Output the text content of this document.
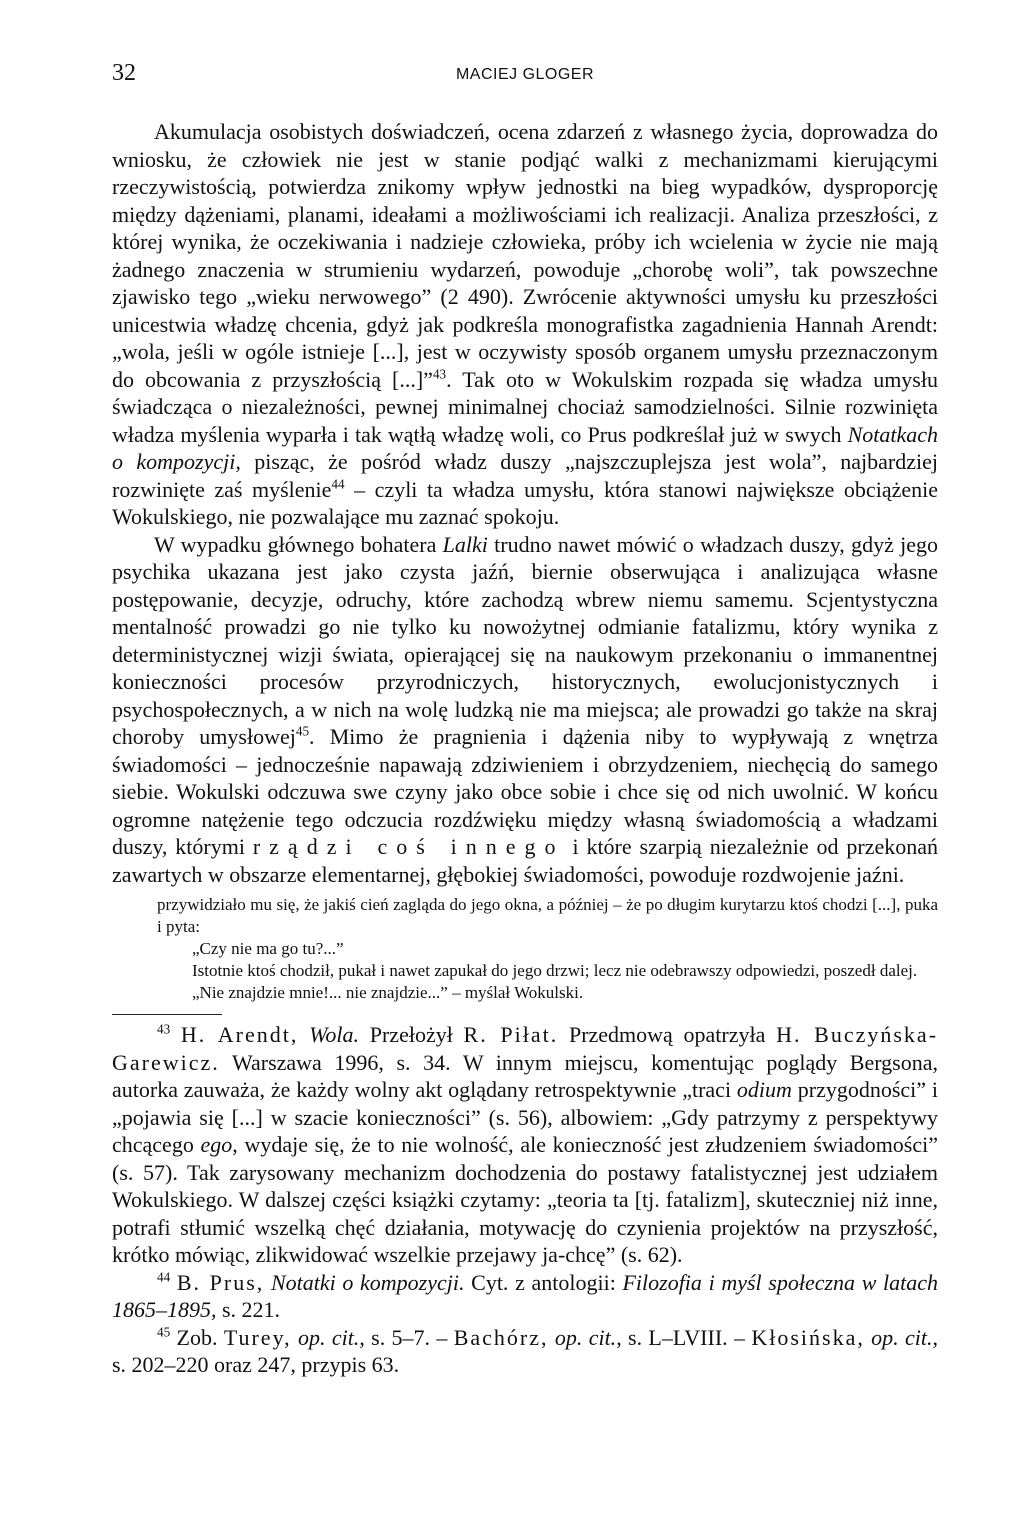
32	MACIEJ GLOGER

Akumulacja osobistych doświadczeń, ocena zdarzeń z własnego życia, doprowadza do wniosku, że człowiek nie jest w stanie podjąć walki z mechanizmami kierującymi rzeczywistością, potwierdza znikomy wpływ jednostki na bieg wypadków, dysproporcję między dążeniami, planami, ideałami a możliwościami ich realizacji. Analiza przeszłości, z której wynika, że oczekiwania i nadzieje człowieka, próby ich wcielenia w życie nie mają żadnego znaczenia w strumieniu wydarzeń, powoduje „chorobę woli”, tak powszechne zjawisko tego „wieku nerwowego” (2 490). Zwrócenie aktywności umysłu ku przeszłości unicestwia władzę chcenia, gdyż jak podkreśla monografistka zagadnienia Hannah Arendt: „wola, jeśli w ogóle istnieje [...], jest w oczywisty sposób organem umysłu przeznaczonym do obcowania z przyszłością [...]”$^{43}$. Tak oto w Wokulskim rozpada się władza umysłu świadcząca o niezależności, pewnej minimalnej chociaż samodzielności. Silnie rozwinięta władza myślenia wyparła i tak wątłą władzę woli, co Prus podkreślał już w swych Notatkach o kompozycji, pisząc, że pośród władz duszy „najszczuplejsza jest wola”, najbardziej rozwinięte zaś myślenie$^{44}$ – czyli ta władza umysłu, która stanowi największe obciążenie Wokulskiego, nie pozwalające mu zaznać spokoju.

W wypadku głównego bohatera Lalki trudno nawet mówić o władzach duszy, gdyż jego psychika ukazana jest jako czysta jaźń, biernie obserwująca i analizująca własne postępowanie, decyzje, odruchy, które zachodzą wbrew niemu samemu. Scjentystyczna mentalność prowadzi go nie tylko ku nowożytnej odmianie fatalizmu, który wynika z deterministycznej wizji świata, opierającej się na naukowym przekonaniu o immanentnej konieczności procesów przyrodniczych, historycznych, ewolucjonistycznych i psychospołecznych, a w nich na wolę ludzką nie ma miejsca; ale prowadzi go także na skraj choroby umysłowej$^{45}$. Mimo że pragnienia i dążenia niby to wypływają z wnętrza świadomości – jednocześnie napawają zdziwieniem i obrzydzeniem, niechęcią do samego siebie. Wokulski odczuwa swe czyny jako obce sobie i chce się od nich uwolnić. W końcu ogromne natężenie tego odczucia rozdźwięku między własną świadomością a władzami duszy, którymi rządzi coś innego i które szarpią niezależnie od przekonań zawartych w obszarze elementarnej, głębokiej świadomości, powoduje rozdwojenie jaźni.

przywidziało mu się, że jakiś cień zagląda do jego okna, a później – że po długim kurytarzu ktoś chodzi [...], puka i pyta:
„Czy nie ma go tu?...”
Istotnie ktoś chodził, pukał i nawet zapukał do jego drzwi; lecz nie odebrawszy odpowiedzi, poszedł dalej.
„Nie znajdzie mnie!... nie znajdzie...” – myślał Wokulski.

$^{43}$ H. Arendt, Wola. Przełożył R. Piłat. Przedmową opatrzyła H. Buczyńska-Garewicz. Warszawa 1996, s. 34. W innym miejscu, komentując poglądy Bergsona, autorka zauważa, że każdy wolny akt oglądany retrospektywnie „traci odium przygodności” i „pojawia się [...] w szacie konieczności” (s. 56), albowiem: „Gdy patrzymy z perspektywy chcącego ego, wydaje się, że to nie wolność, ale konieczność jest złudzeniem świadomości” (s. 57). Tak zarysowany mechanizm dochodzenia do postawy fatalistycznej jest udziałem Wokulskiego. W dalszej części książki czytamy: „teoria ta [tj. fatalizm], skuteczniej niż inne, potrafi stłumić wszelką chęć działania, motywację do czynienia projektów na przyszłość, krótko mówiąc, zlikwidować wszelkie przejawy ja-chcę” (s. 62).

$^{44}$ B. Prus, Notatki o kompozycji. Cyt. z antologii: Filozofia i myśl społeczna w latach 1865–1895, s. 221.

$^{45}$ Zob. Turey, op. cit., s. 5–7. – Bachórz, op. cit., s. L–LVIII. – Kłosińska, op. cit., s. 202–220 oraz 247, przypis 63.
